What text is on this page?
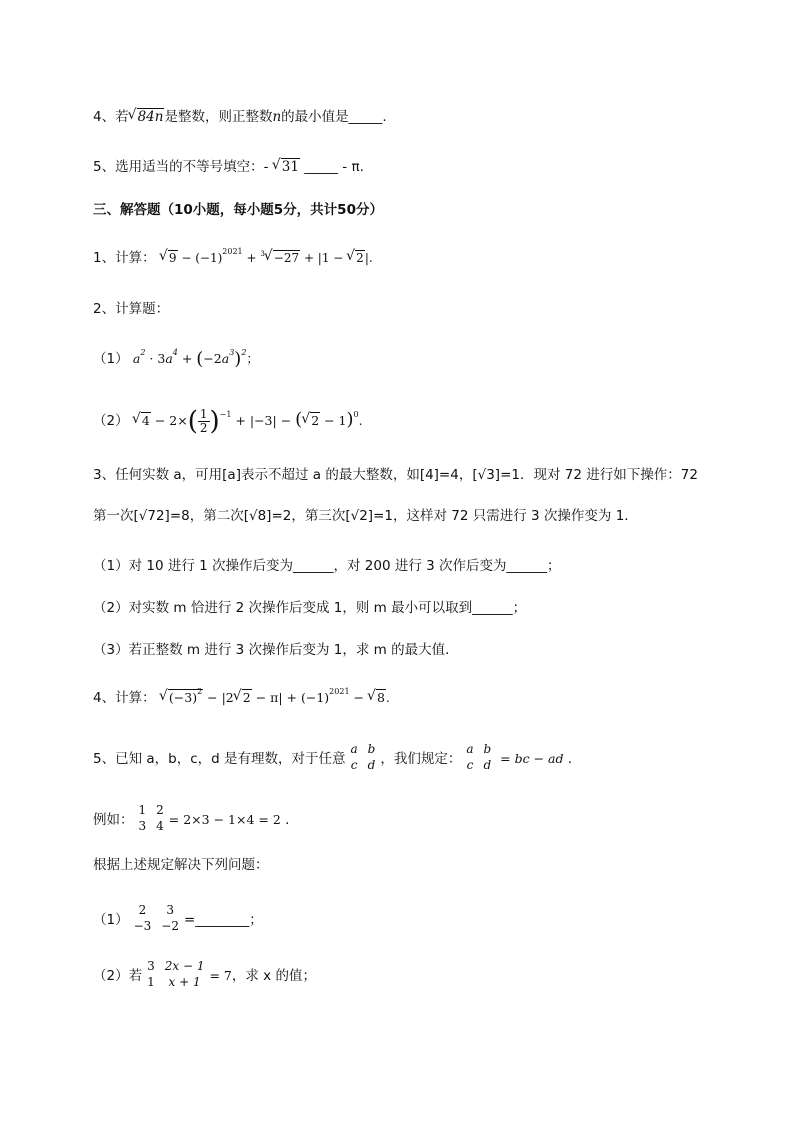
4、若 √ 84n是整数，则正整数n的最小值是_____.
5、选用适当的不等号填空：- √ 31 _____ - π.
三、解答题（10小题，每小题5分，共计50分）
1、计算： √ $9 - (-1)^{2021} + ^3$ √ −27 + |1 − √ 2|.
2、计算题：
（1） $a^2 \cdot 3a^4 + (-2a^3)^2$；
（2） √ $4 - 2\times( \frac{1}{2})^{-1} + |-3|$ − ( √ 2 − 1)$^0$.
3、任何实数 a，可用[a]表示不超过 a 的最大整数，如[4]=4，[√3]=1．现对 72 进行如下操作：72
第一次[√72]=8，第二次[√8]=2，第三次[√2]=1，这样对 72 只需进行 3 次操作变为 1．
（1）对 10 进行 1 次操作后变为______，对 200 进行 3 次作后变为______；
（2）对实数 m 恰进行 2 次操作后变成 1，则 m 最小可以取到______；
（3）若正整数 m 进行 3 次操作后变为 1，求 m 的最大值．
4、计算： √ $(-3)^2 - |2$ √ $2 - \pi| + (-1)^{2021}$ − √ 8.
5、已知 a，b，c，d 是有理数，对于任意
a	b
c	d ，我们规定：
a	b
c	d = bc − ad .
例如：
1	2
3	4 = 2×3 − 1×4 = 2 .
根据上述规定解决下列问题：
（1）
2	3
−3	−2 =________；
（2）若
3	2x − 1
1	x + 1 = 7，求 x 的值；
